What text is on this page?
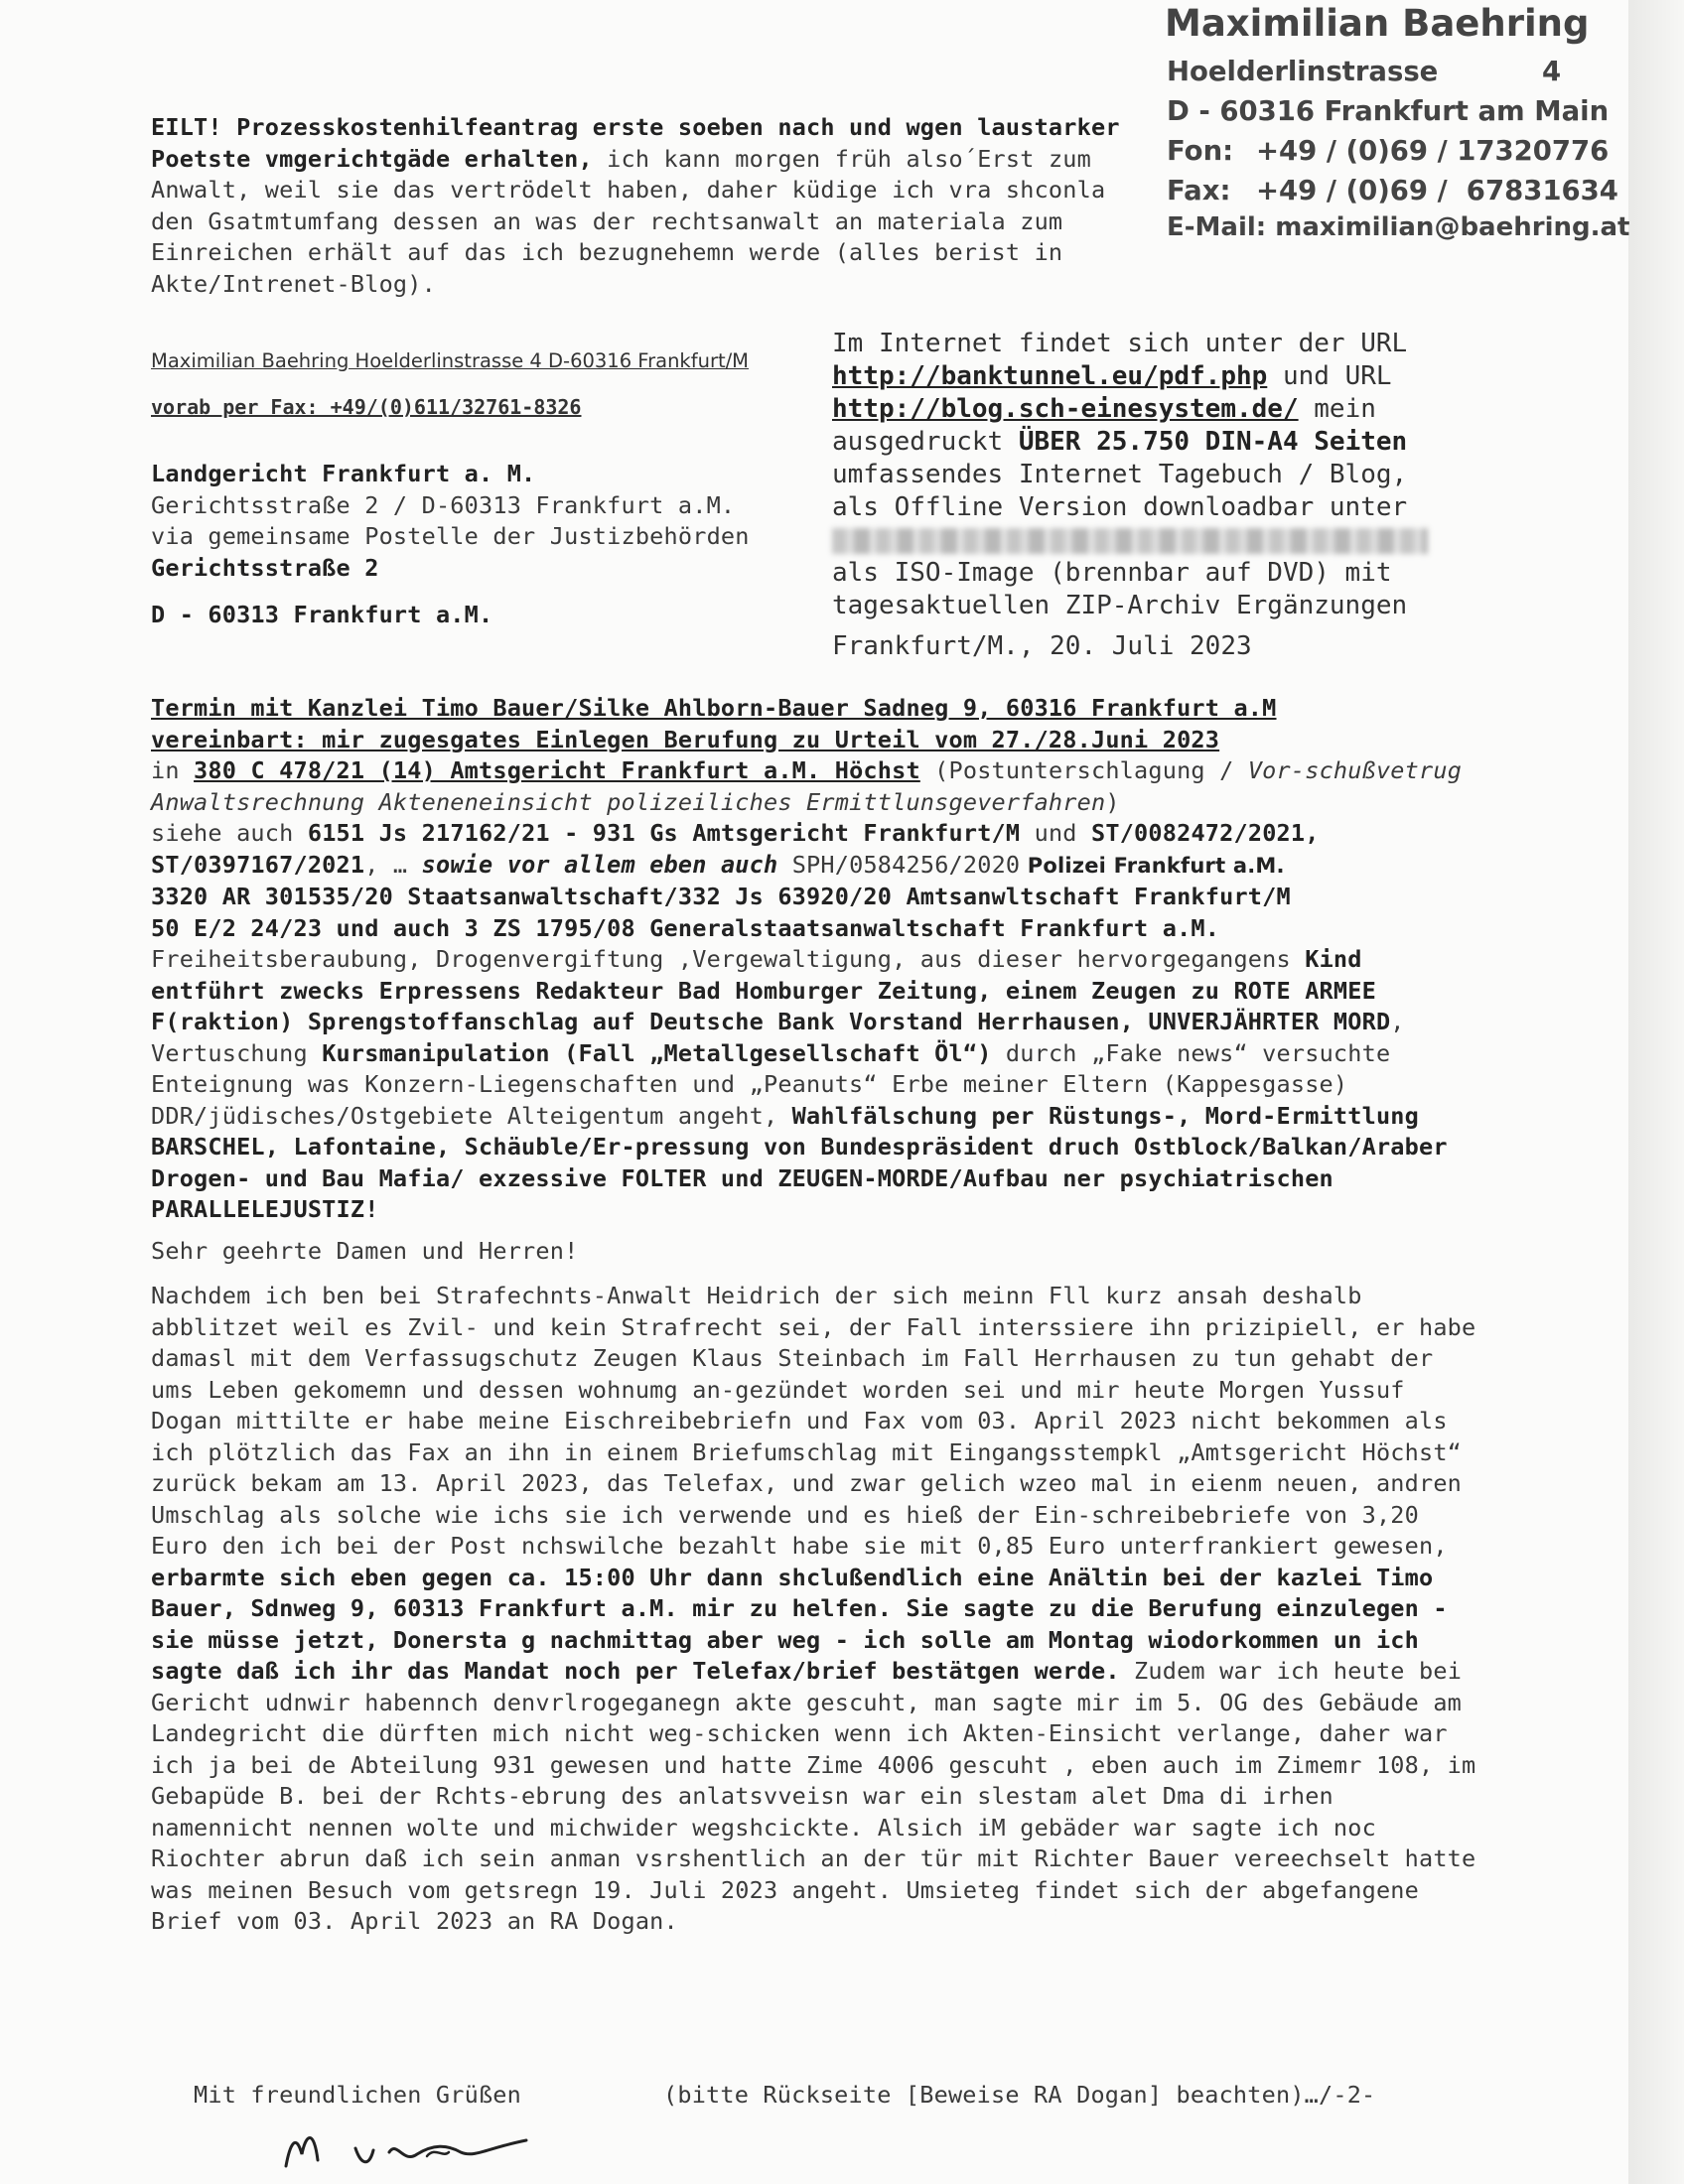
Maximilian Baehring
Hoelderlinstrasse	4
D - 60316 Frankfurt am Main
Fon: +49 / (0)69 / 17320776
Fax: +49 / (0)69 /  67831634
E-Mail: maximilian@baehring.at
EILT! Prozesskostenhilfeantrag erste soeben nach und wgen laustarker Poetste vmgerichtgäde erhalten, ich kann morgen früh also´Erst zum Anwalt, weil sie das vertrödelt haben, daher küdige ich vra shconla den Gsatmtumfang dessen an was der rechtsanwalt an materiala zum Einreichen erhält auf das ich bezugnehemn werde (alles berist in Akte/Intrenet-Blog).
Maximilian Baehring Hoelderlinstrasse 4 D-60316 Frankfurt/M
vorab per Fax: +49/(0)611/32761-8326
Landgericht Frankfurt a. M.
Gerichtsstraße 2 / D-60313 Frankfurt a.M.
via gemeinsame Postelle der Justizbehörden
Gerichtsstraße 2
D - 60313 Frankfurt a.M.
Im Internet findet sich unter der URL
http://banktunnel.eu/pdf.php und URL
http://blog.sch-einesystem.de/ mein
ausgedruckt ÜBER 25.750 DIN-A4 Seiten
umfassendes Internet Tagebuch / Blog,
als Offline Version downloadbar unter
als ISO-Image (brennbar auf DVD) mit
tagesaktuellen ZIP-Archiv Ergänzungen
Frankfurt/M., 20. Juli 2023
Termin mit Kanzlei Timo Bauer/Silke Ahlborn-Bauer Sadneg 9, 60316 Frankfurt a.M
vereinbart: mir zugesgates Einlegen Berufung zu Urteil vom 27./28.Juni 2023

in 380 C 478/21 (14) Amtsgericht Frankfurt a.M. Höchst (Postunterschlagung / Vor-schußvetrug Anwaltsrechnung Akteneneinsicht polizeiliches Ermittlunsgeverfahren)

siehe auch 6151 Js 217162/21 - 931 Gs Amtsgericht Frankfurt/M und ST/0082472/2021, ST/0397167/2021, … sowie vor allem eben auch SPH/0584256/2020 Polizei Frankfurt a.M.

3320 AR 301535/20 Staatsanwaltschaft/332 Js 63920/20 Amtsanwltschaft Frankfurt/M
50 E/2 24/23 und auch 3 ZS 1795/08 Generalstaatsanwaltschaft Frankfurt a.M.

Freiheitsberaubung, Drogenvergiftung ,Vergewaltigung, aus dieser hervorgegangens Kind entführt zwecks Erpressens Redakteur Bad Homburger Zeitung, einem Zeugen zu ROTE ARMEE F(raktion) Sprengstoffanschlag auf Deutsche Bank Vorstand Herrhausen, UNVERJÄHRTER MORD, Vertuschung Kursmanipulation (Fall „Metallgesellschaft Öl“) durch „Fake news“ versuchte Enteignung was Konzern-Liegenschaften und „Peanuts“ Erbe meiner Eltern (Kappesgasse) DDR/jüdisches/Ostgebiete Alteigentum angeht, Wahlfälschung per Rüstungs-, Mord-Ermittlung BARSCHEL, Lafontaine, Schäuble/Er-pressung von Bundespräsident druch Ostblock/Balkan/Araber Drogen- und Bau Mafia/ exzessive FOLTER und ZEUGEN-MORDE/Aufbau ner psychiatrischen PARALLELEJUSTIZ!

Sehr geehrte Damen und Herren!

Nachdem ich ben bei Strafechnts-Anwalt Heidrich der sich meinn Fll kurz ansah deshalb abblitzet weil es Zvil- und kein Strafrecht sei, der Fall interssiere ihn prizipiell, er habe damasl mit dem Verfassugschutz Zeugen Klaus Steinbach im Fall Herrhausen zu tun gehabt der ums Leben gekomemn und dessen wohnumg an-gezündet worden sei und mir heute Morgen Yussuf Dogan mittilte er habe meine Eischreibebriefn und Fax vom 03. April 2023 nicht bekommen als ich plötzlich das Fax an ihn in einem Briefumschlag mit Eingangsstempkl „Amtsgericht Höchst“ zurück bekam am 13. April 2023, das Telefax, und zwar gelich wzeo mal in eienm neuen, andren Umschlag als solche wie ichs sie ich verwende und es hieß der Ein-schreibebriefe von 3,20 Euro den ich bei der Post nchswilche bezahlt habe sie mit 0,85 Euro unterfrankiert gewesen, erbarmte sich eben gegen ca. 15:00 Uhr dann shclußendlich eine Anältin bei der kazlei Timo Bauer, Sdnweg 9, 60313 Frankfurt a.M. mir zu helfen. Sie sagte zu die Berufung einzulegen - sie müsse jetzt, Donersta g nachmittag aber weg - ich solle am Montag wiodorkommen un ich sagte daß ich ihr das Mandat noch per Telefax/brief bestätgen werde. Zudem war ich heute bei Gericht udnwir habennch denvrlrogeganegn akte gescuht, man sagte mir im 5. OG des Gebäude am Landegricht die dürften mich nicht weg-schicken wenn ich Akten-Einsicht verlange, daher war ich ja bei de Abteilung 931 gewesen und hatte Zime 4006 gescuht , eben auch im Zimemr 108, im Gebapüde B. bei der Rchts-ebrung des anlatsvveisn war ein slestam alet Dma di irhen namennicht nennen wolte und michwider wegshcickte. Alsich iM gebäder war sagte ich noc Riochter abrun daß ich sein anman vsrshentlich an der tür mit Richter Bauer vereechselt hatte was meinen Besuch vom getsregn 19. Juli 2023 angeht. Umsieteg findet sich der abgefangene Brief vom 03. April 2023 an RA Dogan.

Mit freundlichen Grüßen	(bitte Rückseite [Beweise RA Dogan] beachten)…/-2-
